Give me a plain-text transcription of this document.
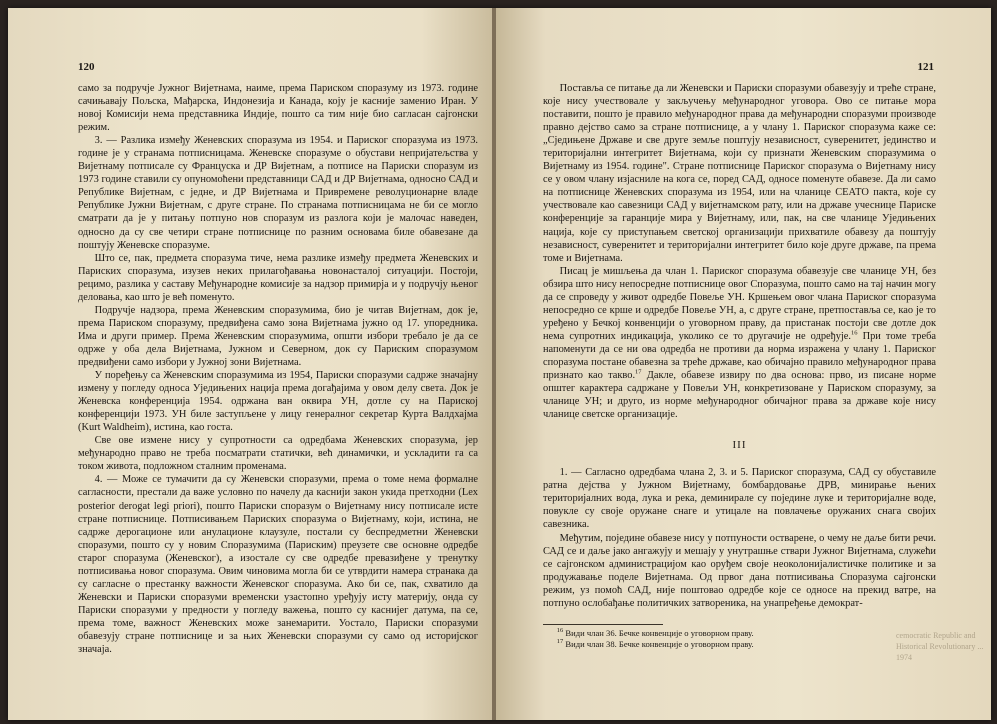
120

само за подручје Јужног Вијетнама, наиме, према Париском споразуму из 1973. године сачињавају Пољска, Мађарска, Индонезија и Канада, коју је касније заменио Иран. У новој Комисији нема представника Индије, пошто са тим није био сагласан сајгонски режим.

3. — Разлика између Женевских споразума из 1954. и Париског споразума из 1973. године је у странама потписницама. Женевске споразуме о обустави непријатељства у Вијетнаму потписале су Француска и ДР Вијетнам, а потписе на Париски споразум из 1973 године ставили су опуномоћени представници САД и ДР Вијетнама, односно САД и Републике Вијетнам, с једне, и ДР Вијетнама и Привремене револуционарне владе Републике Јужни Вијетнам, с друге стране. По странама потписницама не би се могло сматрати да је у питању потпуно нов споразум из разлога који је малочас наведен, односно да су све четири стране потписнице по разним основама биле обавезане да поштују Женевске споразуме.

Што се, пак, предмета споразума тиче, нема разлике између предмета Женевских и Париских споразума, изузев неких прилагођавања новонасталој ситуацији. Постоји, рецимо, разлика у саставу Међународне комисије за надзор примирја и у подручју њеног деловања, као што је већ поменуто.

Подручје надзора, према Женевским споразумима, био је читав Вијетнам, док је, према Париском споразуму, предвиђена само зона Вијетнама јужно од 17. упоредника. Има и други пример. Према Женевским споразумима, општи избори требало је да се одрже у оба дела Вијетнама, Јужном и Северном, док су Париским споразумом предвиђени само избори у Јужној зони Вијетнама.

У поређењу са Женевским споразумима из 1954, Париски споразуми садрже значајну измену у погледу односа Уједињених нација према догађајима у овом делу света. Док је Женевска конференција 1954. одржана ван оквира УН, дотле су на Париској конференцији 1973. УН биле заступљене у лицу генералног секретар Курта Валдхајма (Kurt Waldheim), истина, као госта.

Све ове измене нису у супротности са одредбама Женевских споразума, јер међународно право не треба посматрати статички, већ динамички, и ускладити га са током живота, подложном сталним променама.

4. — Може се тумачити да су Женевски споразуми, према о томе нема формалне сагласности, престали да важе условно по начелу да каснији закон укида претходни (Lex posterior derogat legi priori), пошто Париски споразум о Вијетнаму нису потписале исте стране потписнице. Потписивањем Париских споразума о Вијетнаму, који, истина, не садрже дерогационе или анулационе клаузуле, постали су беспредметни Женевски споразуми, пошто су у новим Споразумима (Париским) преузете све основне одредбе старог споразума (Женевског), а изостале су све одредбе превазиђене у тренутку потписивања новог споразума. Овим чиновима могла би се утврдити намера странака да су сагласне о престанку важности Женевског споразума. Ако би се, пак, схватило да Женевски и Париски споразуми временски узастопно уређују исту материју, онда су Париски споразуми у предности у погледу важења, пошто су каснијег датума, па се, према томе, важност Женевских може занемарити. Уостало, Париски споразуми обавезују стране потписнице и за њих Женевски споразуми су само од историјског значаја.

121

Поставља се питање да ли Женевски и Париски споразуми обавезују и треће стране, које нису учествовале у закључењу међународног уговора. Ово се питање мора поставити, пошто је правило међународног права да међународни споразуми производе правно дејство само за стране потписнице, а у члану 1. Париског споразума каже се: „Сједињене Државе и све друге земље поштују независност, суверенитет, јединство и територијални интегритет Вијетнама, који су признати Женевским споразумима о Вијетнаму из 1954. године". Стране потписнице Париског споразума о Вијетнаму нису се у овом члану изјасниле на кога се, поред САД, односе поменуте обавезе. Да ли само на потписнице Женевских споразума из 1954, или на чланице СЕАТО пакта, које су учествовале као савезници САД у вијетнамском рату, или на државе учеснице Париске конференције за гаранције мира у Вијетнаму, или, пак, на све чланице Уједињених нација, које су приступањем светској организацији прихватиле обавезу да поштују независност, суверенитет и територијални интегритет било које друге државе, па према томе и Вијетнама.

Писац је мишљења да члан 1. Париског споразума обавезује све чланице УН, без обзира што нису непосредне потписнице овог Споразума, пошто само на тај начин могу да се спроведу у живот одредбе Повеље УН. Кршењем овог члана Париског споразума непосредно се крше и одредбе Повеље УН, а, с друге стране, претпоставља се, као је то уређено у Бечкој конвенцији о уговорном праву, да пристанак постоји све дотле док нема супротних индикација, уколико се то другачије не одређује.$^{16}$ При томе треба напоменути да се ни ова одредба не противи да норма изражена у члану 1. Париског споразума постане обавезна за треће државе, као обичајно правило међународног права признато као такво.$^{17}$ Дакле, обавезе извиру по два основа: прво, из писане норме општег карактера садржане у Повељи УН, конкретизоване у Париском споразуму, за чланице УН; и друго, из норме међународног обичајног права за државе које нису чланице светске организације.

III

1. — Сагласно одредбама члана 2, 3. и 5. Париског споразума, САД су обуставиле ратна дејства у Јужном Вијетнаму, бомбардовање ДРВ, минирање њених територијалних вода, лука и река, деминирале су поједине луке и територијалне воде, повукле су своје оружане снаге и утицале на повлачење оружаних снага својих савезника.

Међутим, поједине обавезе нису у потпуности остварене, о чему не даље бити речи. САД се и даље јако ангажују и мешају у унутрашње ствари Јужног Вијетнама, служећи се сајгонском администрацијом као оруђем своје неоколонијалистичке политике и за продужавање поделе Вијетнама. Од првог дана потписивања Споразума сајгонски режим, уз помоћ САД, није поштовао одредбе које се односе на прекид ватре, на потпуно ослобађање политичких затвореника, на унапређење демократ-

$^{16}$ Види члан 36. Бечке конвенције о уговорном праву.

$^{17}$ Види члан 38. Бечке конвенције о уговорном праву.

cemocratic Republic and Historical Revolutionary ... 1974
